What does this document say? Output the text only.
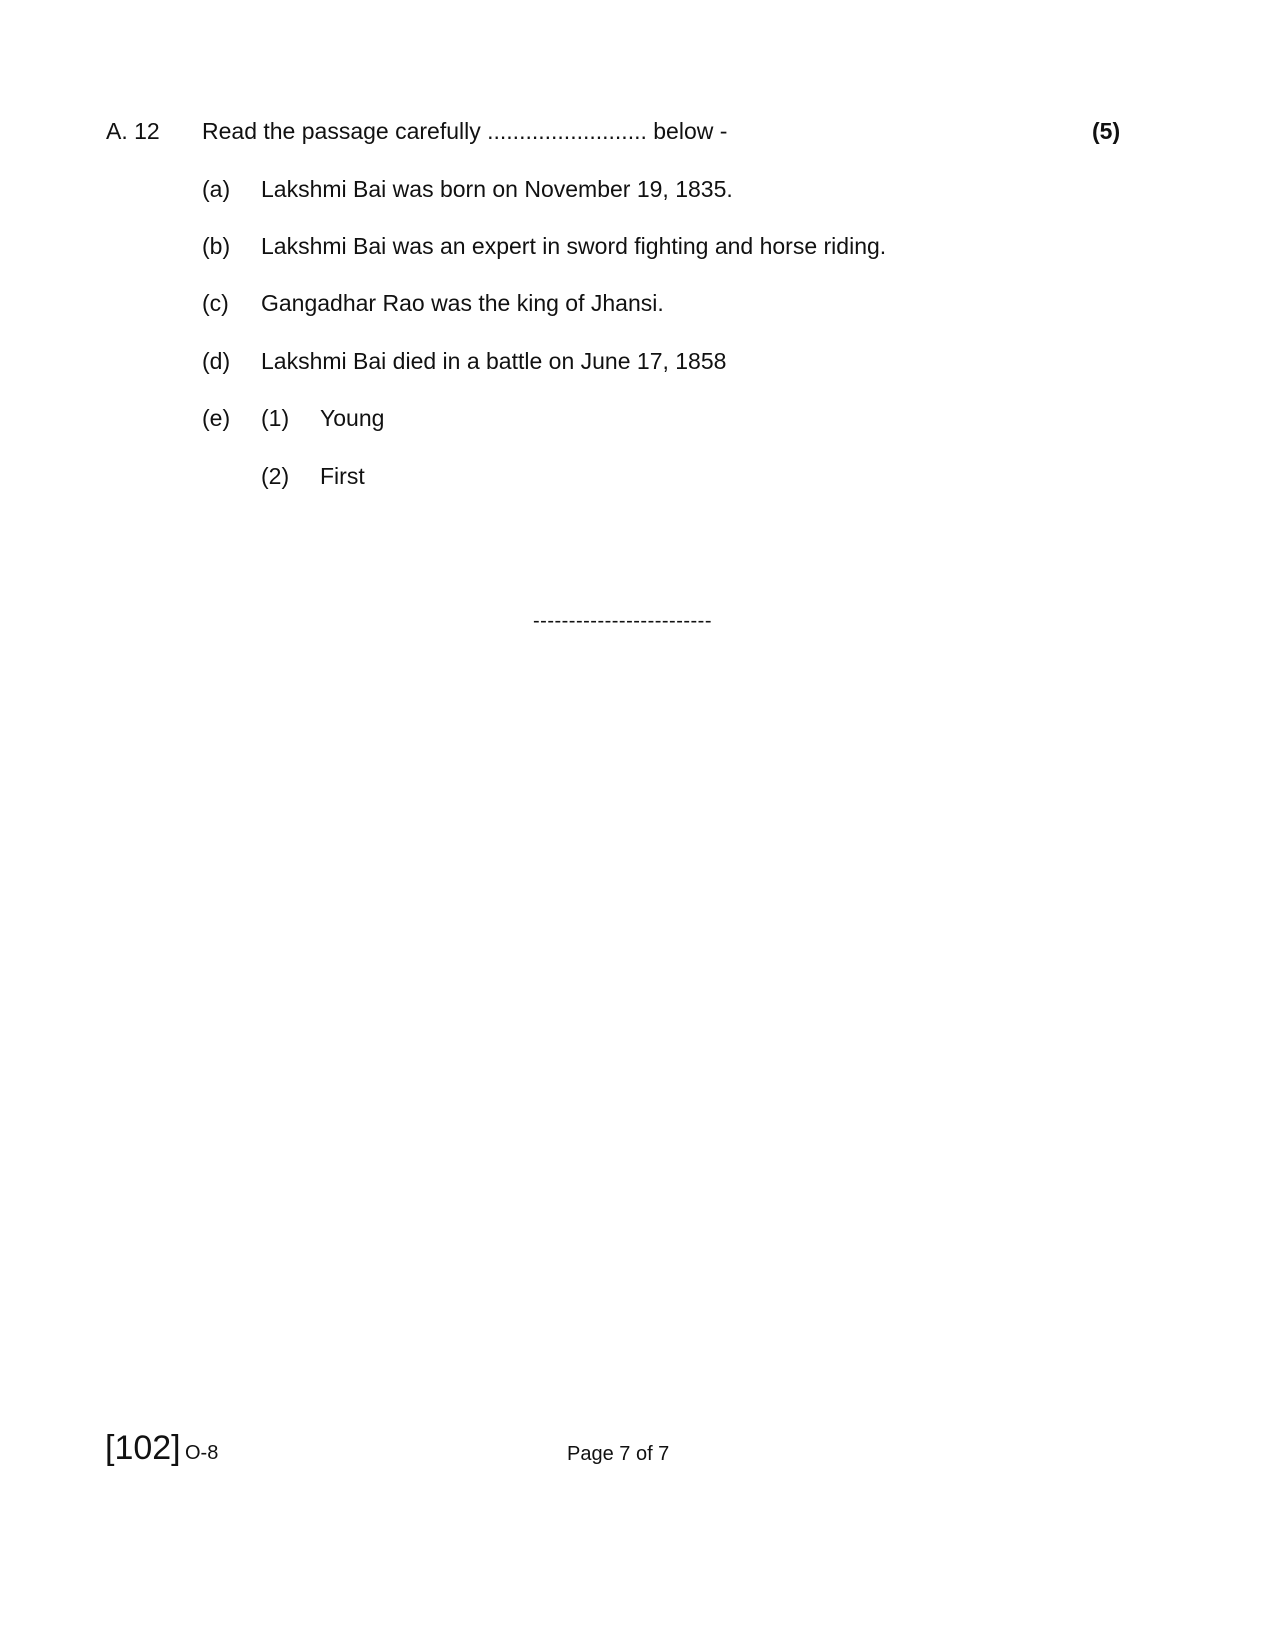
A. 12 Read the passage carefully ......................... below -	(5)
(a) Lakshmi Bai was born on November 19, 1835.
(b) Lakshmi Bai was an expert in sword fighting and horse riding.
(c) Gangadhar Rao was the king of Jhansi.
(d) Lakshmi Bai died in a battle on June 17, 1858
(e) (1) Young
(2) First
-------------------------
[102] O-8	Page 7 of 7
